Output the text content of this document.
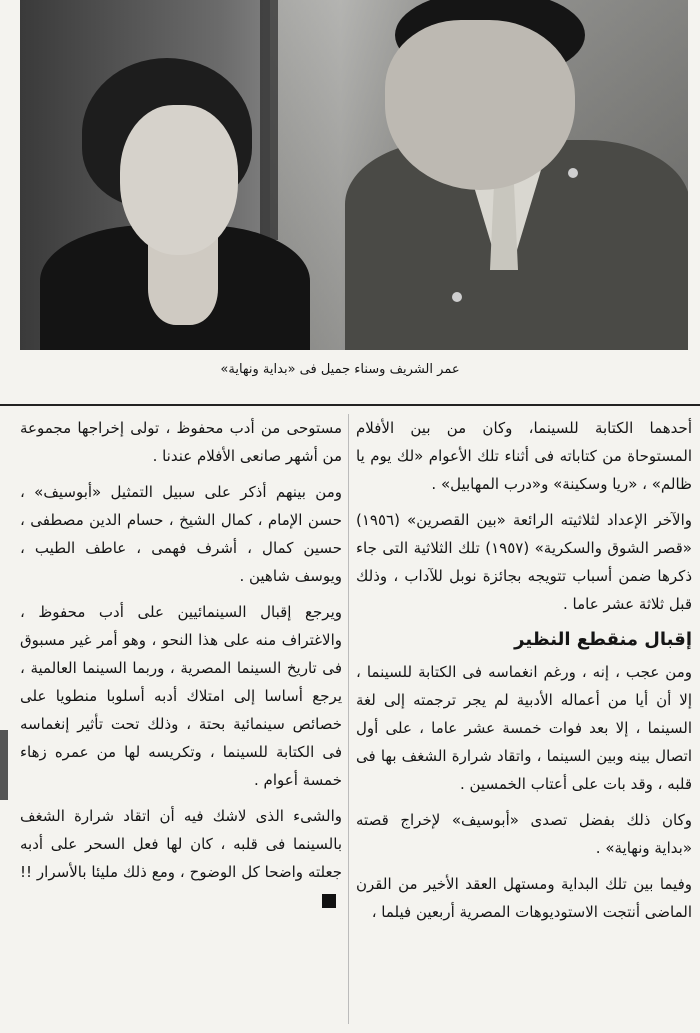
عمر الشريف وسناء جميل فى «بداية ونهاية»

أحدهما الكتابة للسينما، وكان من بين الأفلام المستوحاة من كتاباته فى أثناء تلك الأعوام «لك يوم يا ظالم» ، «ريا وسكينة» و«درب المهابيل» .

والآخر الإعداد لثلاثيته الرائعة «بين القصرين» (١٩٥٦) «قصر الشوق والسكرية» (١٩٥٧) تلك الثلاثية التى جاء ذكرها ضمن أسباب تتويجه بجائزة نوبل للآداب ، وذلك قبل ثلاثة عشر عاما .

إقبال منقطع النظير

ومن عجب ، إنه ، ورغم انغماسه فى الكتابة للسينما ، إلا أن أيا من أعماله الأدبية لم يجر ترجمته إلى لغة السينما ، إلا بعد فوات خمسة عشر عاما ، على أول اتصال بينه وبين السينما ، واتقاد شرارة الشغف بها فى قلبه ، وقد بات على أعتاب الخمسين .

وكان ذلك بفضل تصدى «أبوسيف» لإخراج قصته «بداية ونهاية» .

وفيما بين تلك البداية ومستهل العقد الأخير من القرن الماضى أنتجت الاستوديوهات المصرية أربعين فيلما ،

مستوحى من أدب محفوظ ، تولى إخراجها مجموعة من أشهر صانعى الأفلام عندنا .

ومن بينهم أذكر على سبيل التمثيل «أبوسيف» ، حسن الإمام ، كمال الشيخ ، حسام الدين مصطفى ، حسين كمال ، أشرف فهمى ، عاطف الطيب ، ويوسف شاهين .

ويرجع إقبال السينمائيين على أدب محفوظ ، والاغتراف منه على هذا النحو ، وهو أمر غير مسبوق فى تاريخ السينما المصرية ، وربما السينما العالمية ، يرجع أساسا إلى امتلاك أدبه أسلوبا منطويا على خصائص سينمائية بحتة ، وذلك تحت تأثير إنغماسه فى الكتابة للسينما ، وتكريسه لها من عمره زهاء خمسة أعوام .

والشىء الذى لاشك فيه أن اتقاد شرارة الشغف بالسينما فى قلبه ، كان لها فعل السحر على أدبه جعلته واضحا كل الوضوح ، ومع ذلك مليئا بالأسرار !!
